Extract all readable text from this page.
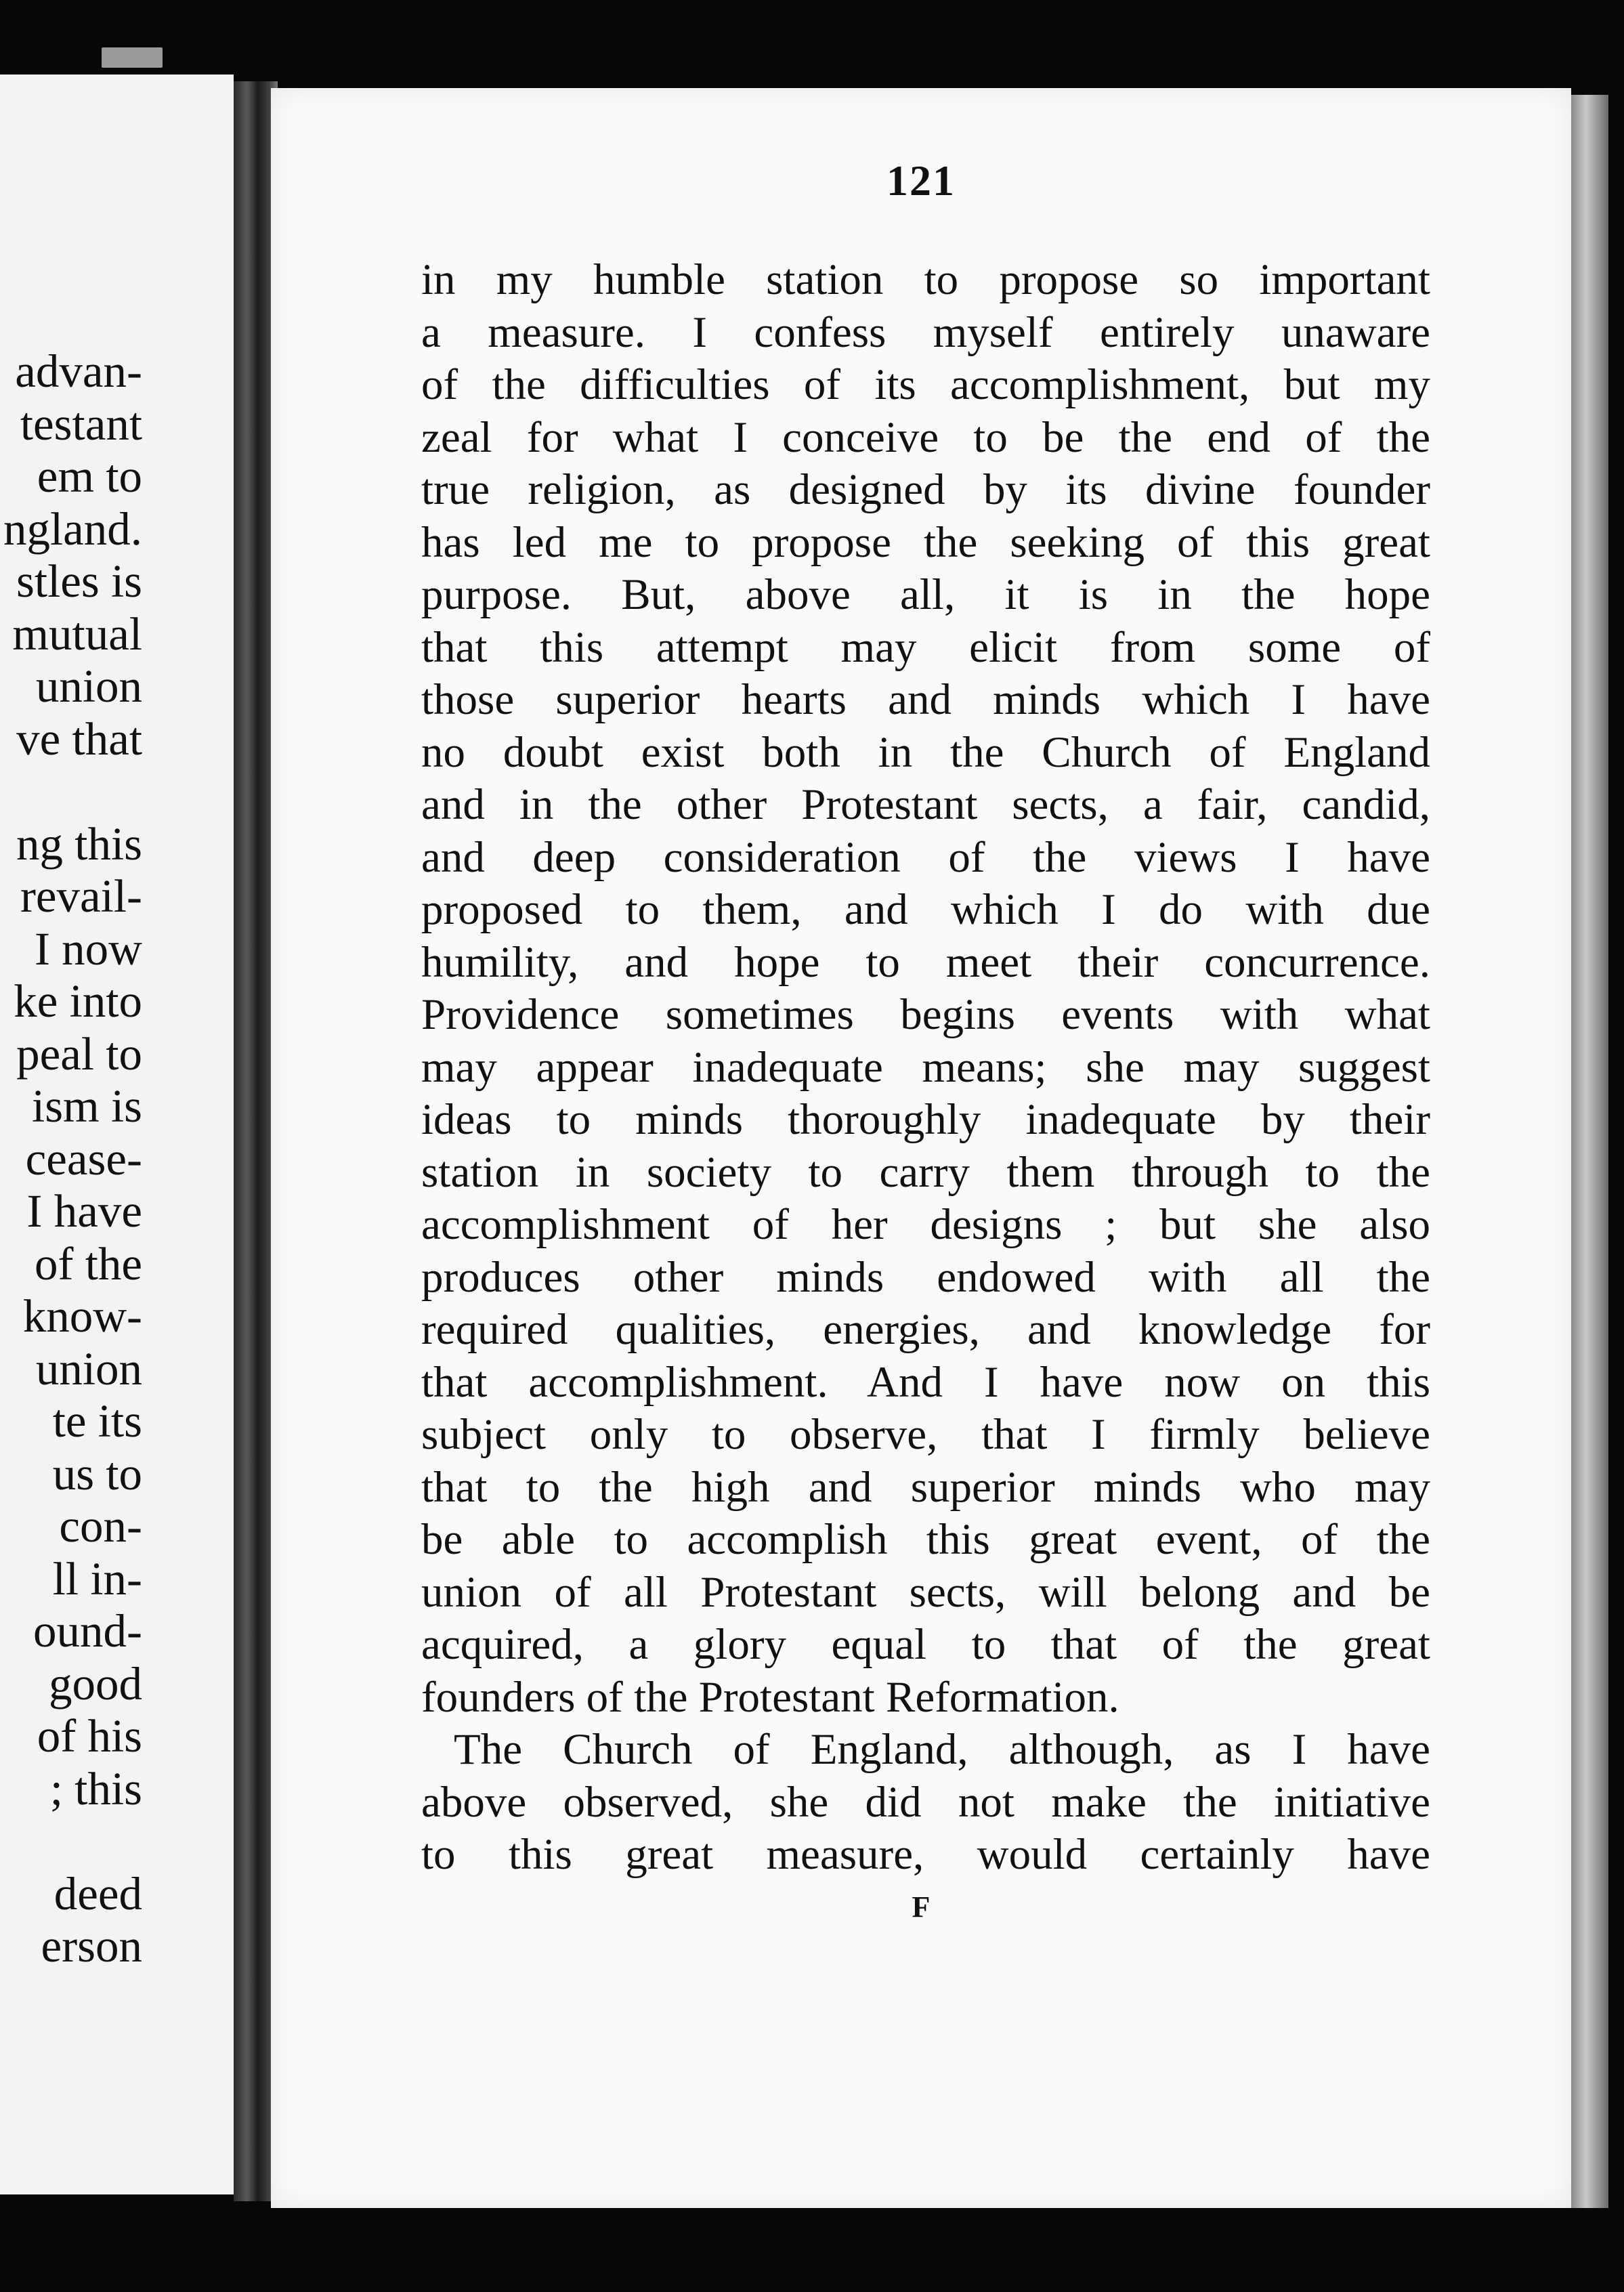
advan-
testant
em to
ngland.
stles is
mutual
union
ve that
ng this
revail-
I now
ke into
peal to
ism is
cease-
I have
of the
know-
union
te its
us to
con-
ll in-
ound-
good
of his
; this
deed
erson
121
in my humble station to propose so important
a measure. I confess myself entirely unaware
of the difficulties of its accomplishment, but my
zeal for what I conceive to be the end of the
true religion, as designed by its divine founder
has led me to propose the seeking of this great
purpose. But, above all, it is in the hope
that this attempt may elicit from some of
those superior hearts and minds which I have
no doubt exist both in the Church of England
and in the other Protestant sects, a fair, candid,
and deep consideration of the views I have
proposed to them, and which I do with due
humility, and hope to meet their concurrence.
Providence sometimes begins events with what
may appear inadequate means; she may suggest
ideas to minds thoroughly inadequate by their
station in society to carry them through to the
accomplishment of her designs ; but she also
produces other minds endowed with all the
required qualities, energies, and knowledge for
that accomplishment. And I have now on this
subject only to observe, that I firmly believe
that to the high and superior minds who may
be able to accomplish this great event, of the
union of all Protestant sects, will belong and be
acquired, a glory equal to that of the great
founders of the Protestant Reformation.
The Church of England, although, as I have
above observed, she did not make the initiative
to this great measure, would certainly have
F
